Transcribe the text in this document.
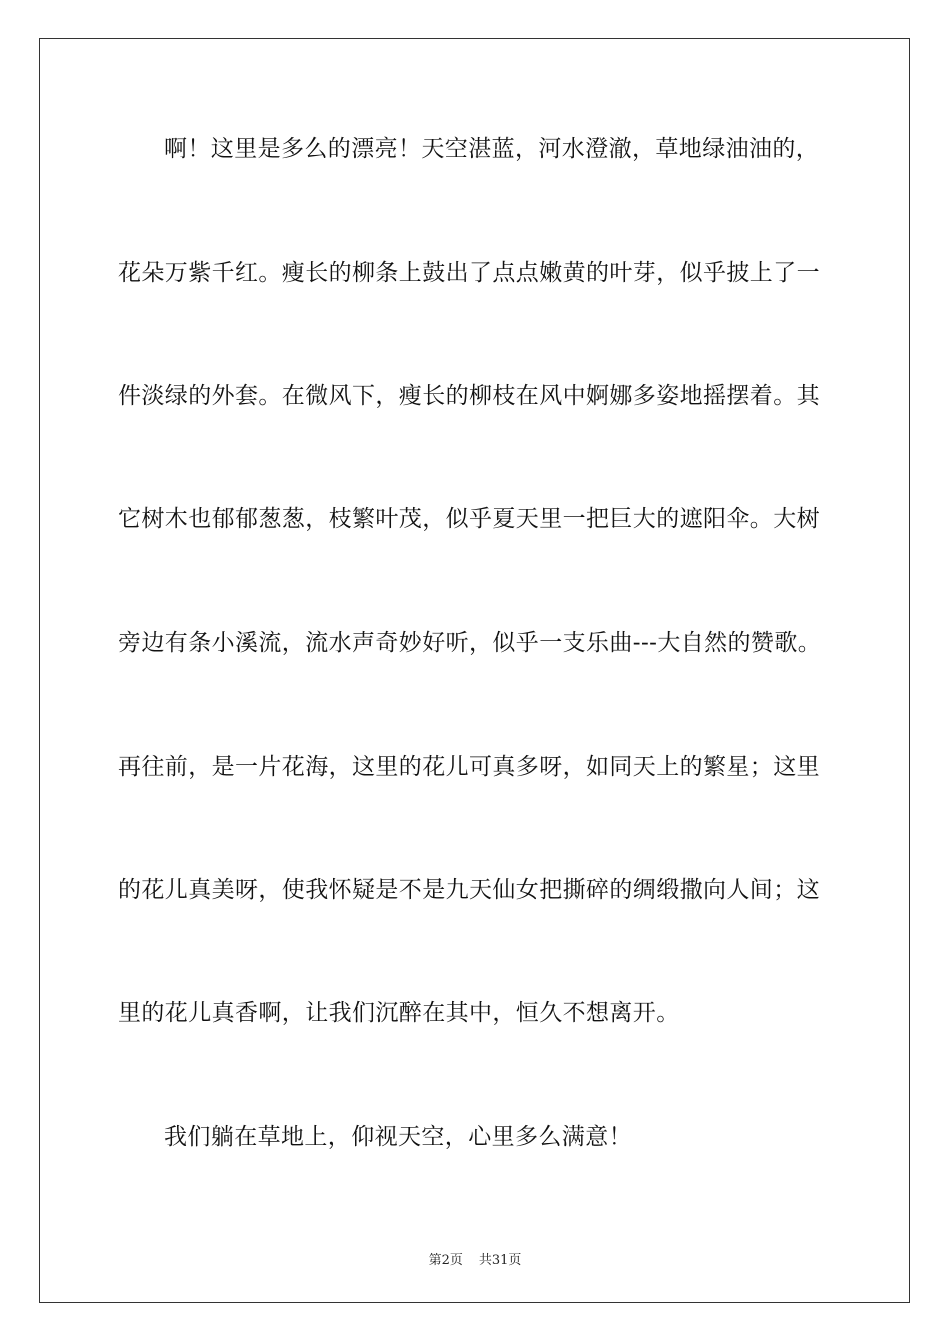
啊！这里是多么的漂亮！天空湛蓝，河水澄澈，草地绿油油的，
花朵万紫千红。瘦长的柳条上鼓出了点点嫩黄的叶芽，似乎披上了一
件淡绿的外套。在微风下，瘦长的柳枝在风中婀娜多姿地摇摆着。其
它树木也郁郁葱葱，枝繁叶茂，似乎夏天里一把巨大的遮阳伞。大树
旁边有条小溪流，流水声奇妙好听，似乎一支乐曲---大自然的赞歌。
再往前，是一片花海，这里的花儿可真多呀，如同天上的繁星；这里
的花儿真美呀，使我怀疑是不是九天仙女把撕碎的绸缎撒向人间；这
里的花儿真香啊，让我们沉醉在其中，恒久不想离开。
我们躺在草地上，仰视天空，心里多么满意！
第2页 共31页
